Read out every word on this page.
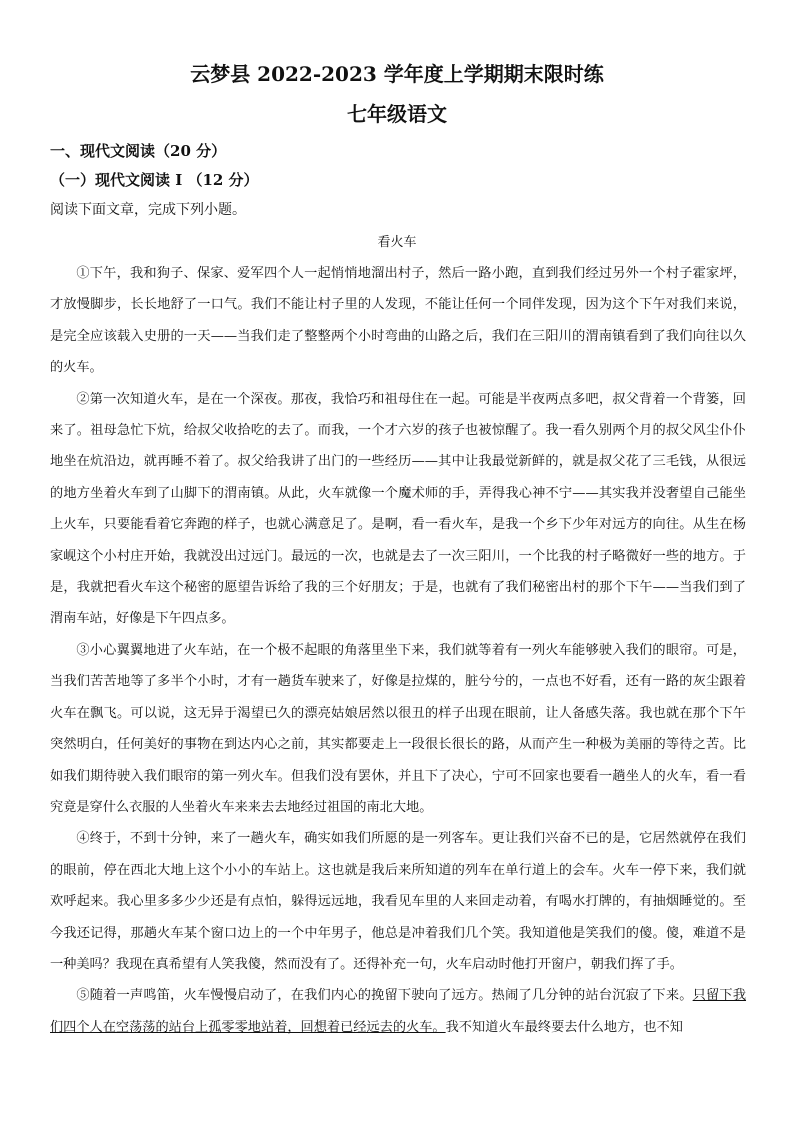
云梦县 2022-2023 学年度上学期期末限时练
七年级语文
一、现代文阅读（20 分）
（一）现代文阅读 I （12 分）
阅读下面文章，完成下列小题。
看火车

①下午，我和狗子、保家、爱军四个人一起悄悄地溜出村子，然后一路小跑，直到我们经过另外一个村子霍家坪，才放慢脚步，长长地舒了一口气。我们不能让村子里的人发现，不能让任何一个同伴发现，因为这个下午对我们来说，是完全应该载入史册的一天——当我们走了整整两个小时弯曲的山路之后，我们在三阳川的渭南镇看到了我们向往以久的火车。

②第一次知道火车，是在一个深夜。那夜，我恰巧和祖母住在一起。可能是半夜两点多吧，叔父背着一个背篓，回来了。祖母急忙下炕，给叔父收拾吃的去了。而我，一个才六岁的孩子也被惊醒了。我一看久别两个月的叔父风尘仆仆地坐在炕沿边，就再睡不着了。叔父给我讲了出门的一些经历——其中让我最觉新鲜的，就是叔父花了三毛钱，从很远的地方坐着火车到了山脚下的渭南镇。从此，火车就像一个魔术师的手，弄得我心神不宁——其实我并没奢望自己能坐上火车，只要能看着它奔跑的样子，也就心满意足了。是啊，看一看火车，是我一个乡下少年对远方的向往。从生在杨家岘这个小村庄开始，我就没出过远门。最远的一次，也就是去了一次三阳川，一个比我的村子略微好一些的地方。于是，我就把看火车这个秘密的愿望告诉给了我的三个好朋友；于是，也就有了我们秘密出村的那个下午——当我们到了渭南车站，好像是下午四点多。

③小心翼翼地进了火车站，在一个极不起眼的角落里坐下来，我们就等着有一列火车能够驶入我们的眼帘。可是，当我们苦苦地等了多半个小时，才有一趟货车驶来了，好像是拉煤的，脏兮兮的，一点也不好看，还有一路的灰尘跟着火车在飘飞。可以说，这无异于渴望已久的漂亮姑娘居然以很丑的样子出现在眼前，让人备感失落。我也就在那个下午突然明白，任何美好的事物在到达内心之前，其实都要走上一段很长很长的路，从而产生一种极为美丽的等待之苦。比如我们期待驶入我们眼帘的第一列火车。但我们没有罢休，并且下了决心，宁可不回家也要看一趟坐人的火车，看一看究竟是穿什么衣服的人坐着火车来来去去地经过祖国的南北大地。

④终于，不到十分钟，来了一趟火车，确实如我们所愿的是一列客车。更让我们兴奋不已的是，它居然就停在我们的眼前，停在西北大地上这个小小的车站上。这也就是我后来所知道的列车在单行道上的会车。火车一停下来，我们就欢呼起来。我心里多多少少还是有点怕，躲得远远地，我看见车里的人来回走动着，有喝水打牌的，有抽烟睡觉的。至今我还记得，那趟火车某个窗口边上的一个中年男子，他总是冲着我们几个笑。我知道他是笑我们的傻。傻，难道不是一种美吗？我现在真希望有人笑我傻，然而没有了。还得补充一句，火车启动时他打开窗户，朝我们挥了手。

⑤随着一声鸣笛，火车慢慢启动了，在我们内心的挽留下驶向了远方。热闹了几分钟的站台沉寂了下来。只留下我们四个人在空荡荡的站台上孤零零地站着，回想着已经远去的火车。我不知道火车最终要去什么地方，也不知
